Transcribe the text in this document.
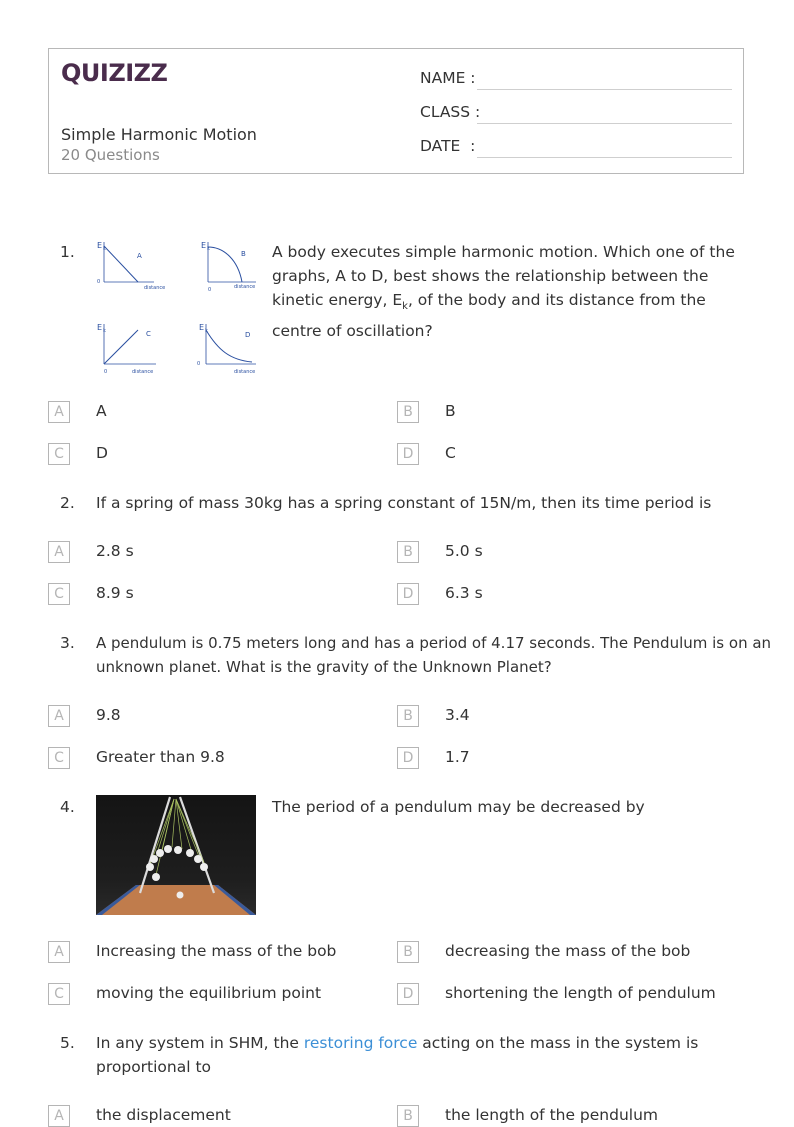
QUIZIZZ
Simple Harmonic Motion
20 Questions
NAME :
CLASS :
DATE  :
1.	E k
A
0
distance
E k
B
0	distance
E k	C
0	distance
E k	D
0
distance
A body executes simple harmonic motion. Which one of the graphs, A to D, best shows the relationship between the kinetic energy, $E_k$, of the body and its distance from the centre of oscillation?
A	A	B	B
C	D	D	C
2. If a spring of mass 30kg has a spring constant of 15N/m, then its time period is
A	2.8 s	B	5.0 s
C	8.9 s	D	6.3 s
3. A pendulum is 0.75 meters long and has a period of 4.17 seconds. The Pendulum is on an
unknown planet. What is the gravity of the Unknown Planet?
A	9.8	B	3.4
C	Greater than 9.8	D	1.7
4.	The period of a pendulum may be decreased by
A	Increasing the mass of the bob	B	decreasing the mass of the bob
C	moving the equilibrium point	D	shortening the length of pendulum
5. In any system in SHM, the restoring force acting on the mass in the system is
proportional to
A	the displacement	B	the length of the pendulum
